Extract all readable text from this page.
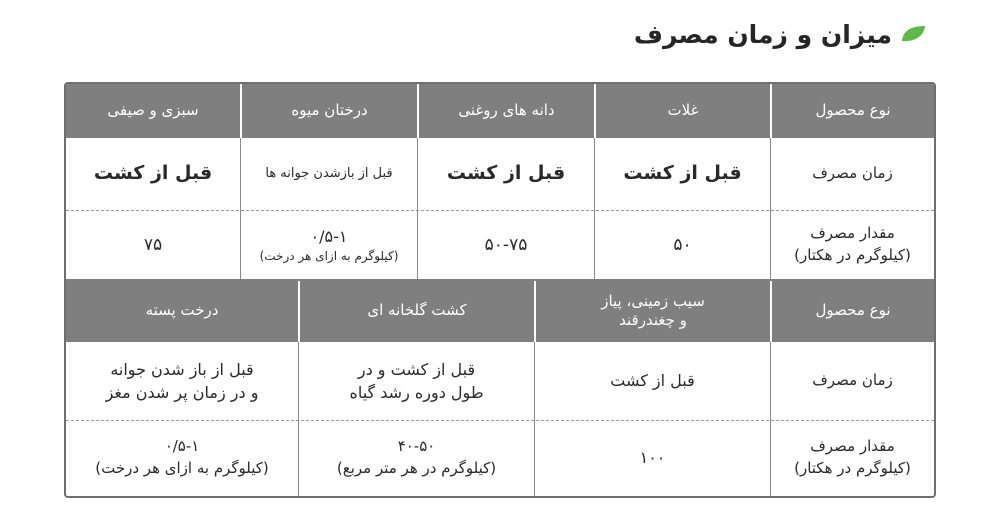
میزان و زمان مصرف
نوع محصول
غلات
دانه های روغنی
درختان میوه
سبزی و صیفی
زمان مصرف
قبل از کشت
قبل از کشت
قبل از بازشدن جوانه ها
قبل از کشت
مقدار مصرف
(کیلوگرم در هکتار)
۵۰
۵۰-۷۵
۰/۵-۱
(کیلوگرم به ازای هر درخت)
۷۵
نوع محصول
سیب زمینی، پیاز
و چغندرقند
کشت گلخانه ای
درخت پسته
زمان مصرف
قبل از کشت
قبل از کشت و در
طول دوره رشد گیاه
قبل از باز شدن جوانه
و در زمان پر شدن مغز
مقدار مصرف
(کیلوگرم در هکتار)
۱۰۰
۴۰-۵۰
(کیلوگرم در هر متر مربع)
۰/۵-۱
(کیلوگرم به ازای هر درخت)
